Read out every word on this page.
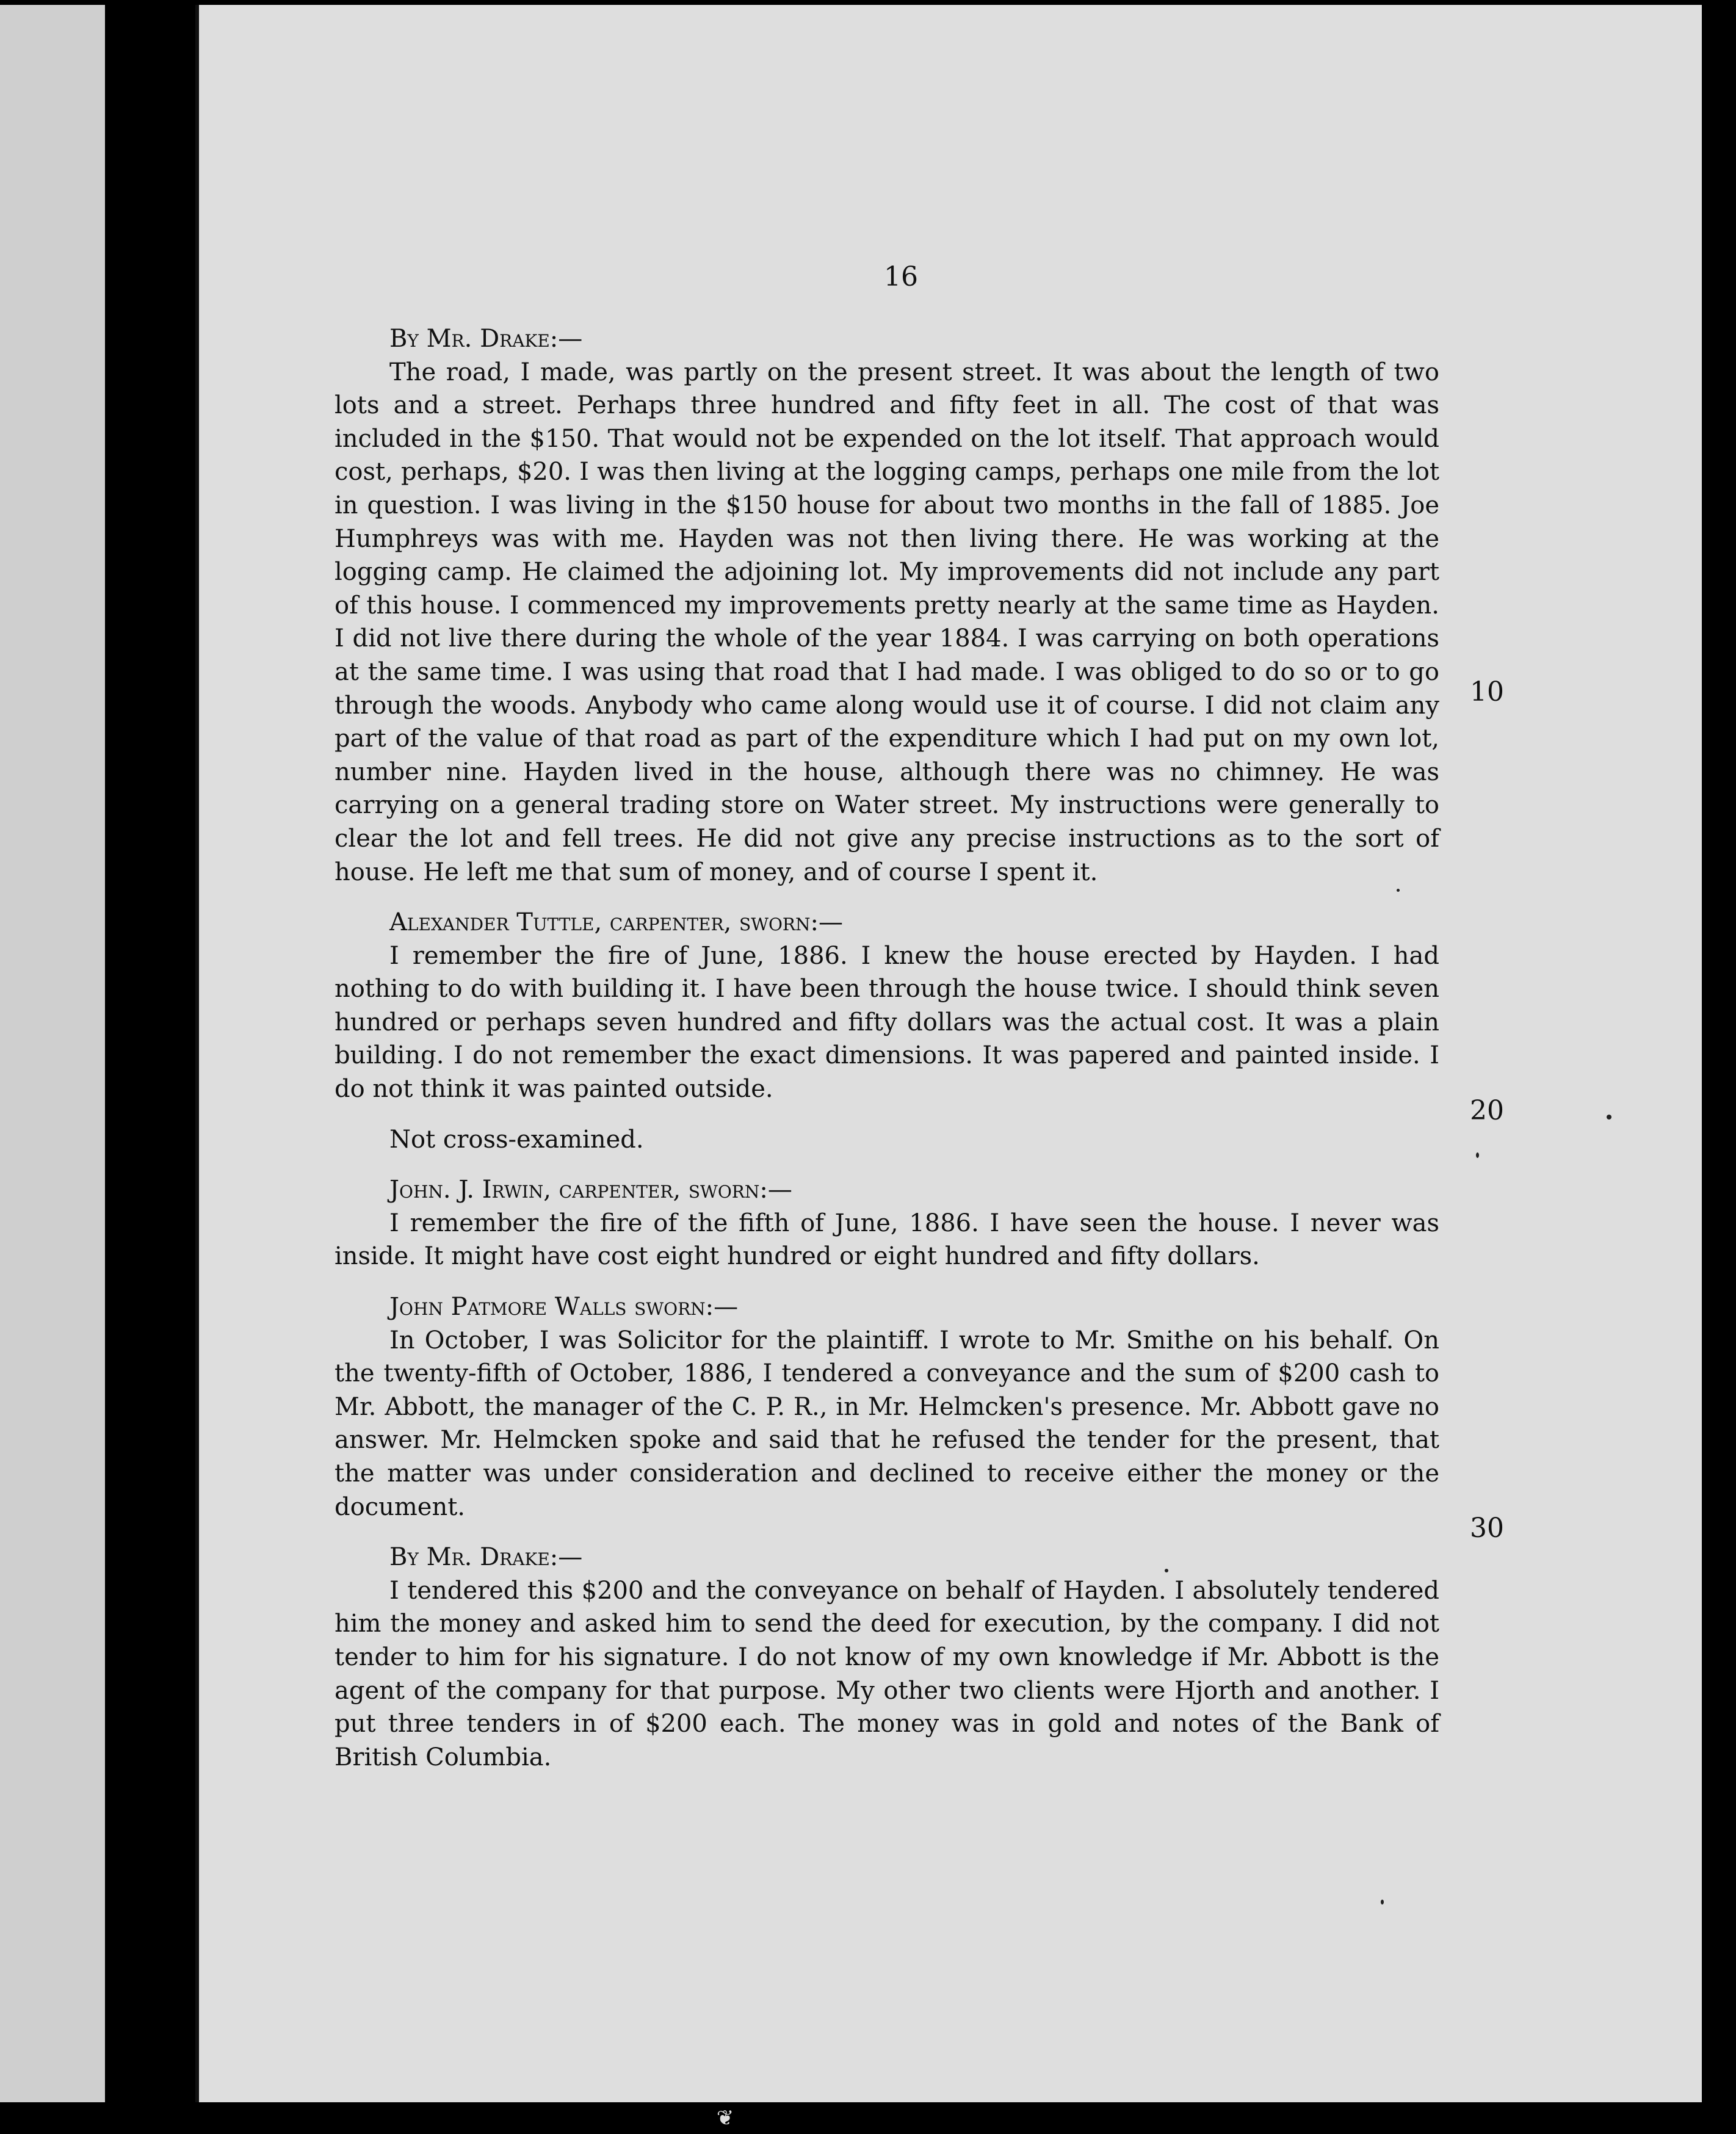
16

By Mr. Drake:—

The road, I made, was partly on the present street. It was about the length of two lots and a street. Perhaps three hundred and fifty feet in all. The cost of that was included in the $150. That would not be expended on the lot itself. That approach would cost, perhaps, $20. I was then living at the logging camps, perhaps one mile from the lot in question. I was living in the $150 house for about two months in the fall of 1885. Joe Humphreys was with me. Hayden was not then living there. He was working at the logging camp. He claimed the adjoining lot. My improvements did not include any part of this house. I commenced my improvements pretty nearly at the same time as Hayden. I did not live there during the whole of the year 1884. I was carrying on both operations at the same time. I was using that road that I had made. I was obliged to do so or to go through the woods. Anybody who came along would use it of course. I did not claim any part of the value of that road as part of the expenditure which I had put on my own lot, number nine. Hayden lived in the house, although there was no chimney. He was carrying on a general trading store on Water street. My instructions were generally to clear the lot and fell trees. He did not give any precise instructions as to the sort of house. He left me that sum of money, and of course I spent it.

Alexander Tuttle, carpenter, sworn:—

I remember the fire of June, 1886. I knew the house erected by Hayden. I had nothing to do with building it. I have been through the house twice. I should think seven hundred or perhaps seven hundred and fifty dollars was the actual cost. It was a plain building. I do not remember the exact dimensions. It was papered and painted inside. I do not think it was painted outside.

Not cross-examined.

John. J. Irwin, carpenter, sworn:—

I remember the fire of the fifth of June, 1886. I have seen the house. I never was inside. It might have cost eight hundred or eight hundred and fifty dollars.

John Patmore Walls sworn:—

In October, I was Solicitor for the plaintiff. I wrote to Mr. Smithe on his behalf. On the twenty-fifth of October, 1886, I tendered a conveyance and the sum of $200 cash to Mr. Abbott, the manager of the C. P. R., in Mr. Helmcken's presence. Mr. Abbott gave no answer. Mr. Helmcken spoke and said that he refused the tender for the present, that the matter was under consideration and declined to receive either the money or the document.

By Mr. Drake:—

I tendered this $200 and the conveyance on behalf of Hayden. I absolutely tendered him the money and asked him to send the deed for execution, by the company. I did not tender to him for his signature. I do not know of my own knowledge if Mr. Abbott is the agent of the company for that purpose. My other two clients were Hjorth and another. I put three tenders in of $200 each. The money was in gold and notes of the Bank of British Columbia.

10
20
30
❦
